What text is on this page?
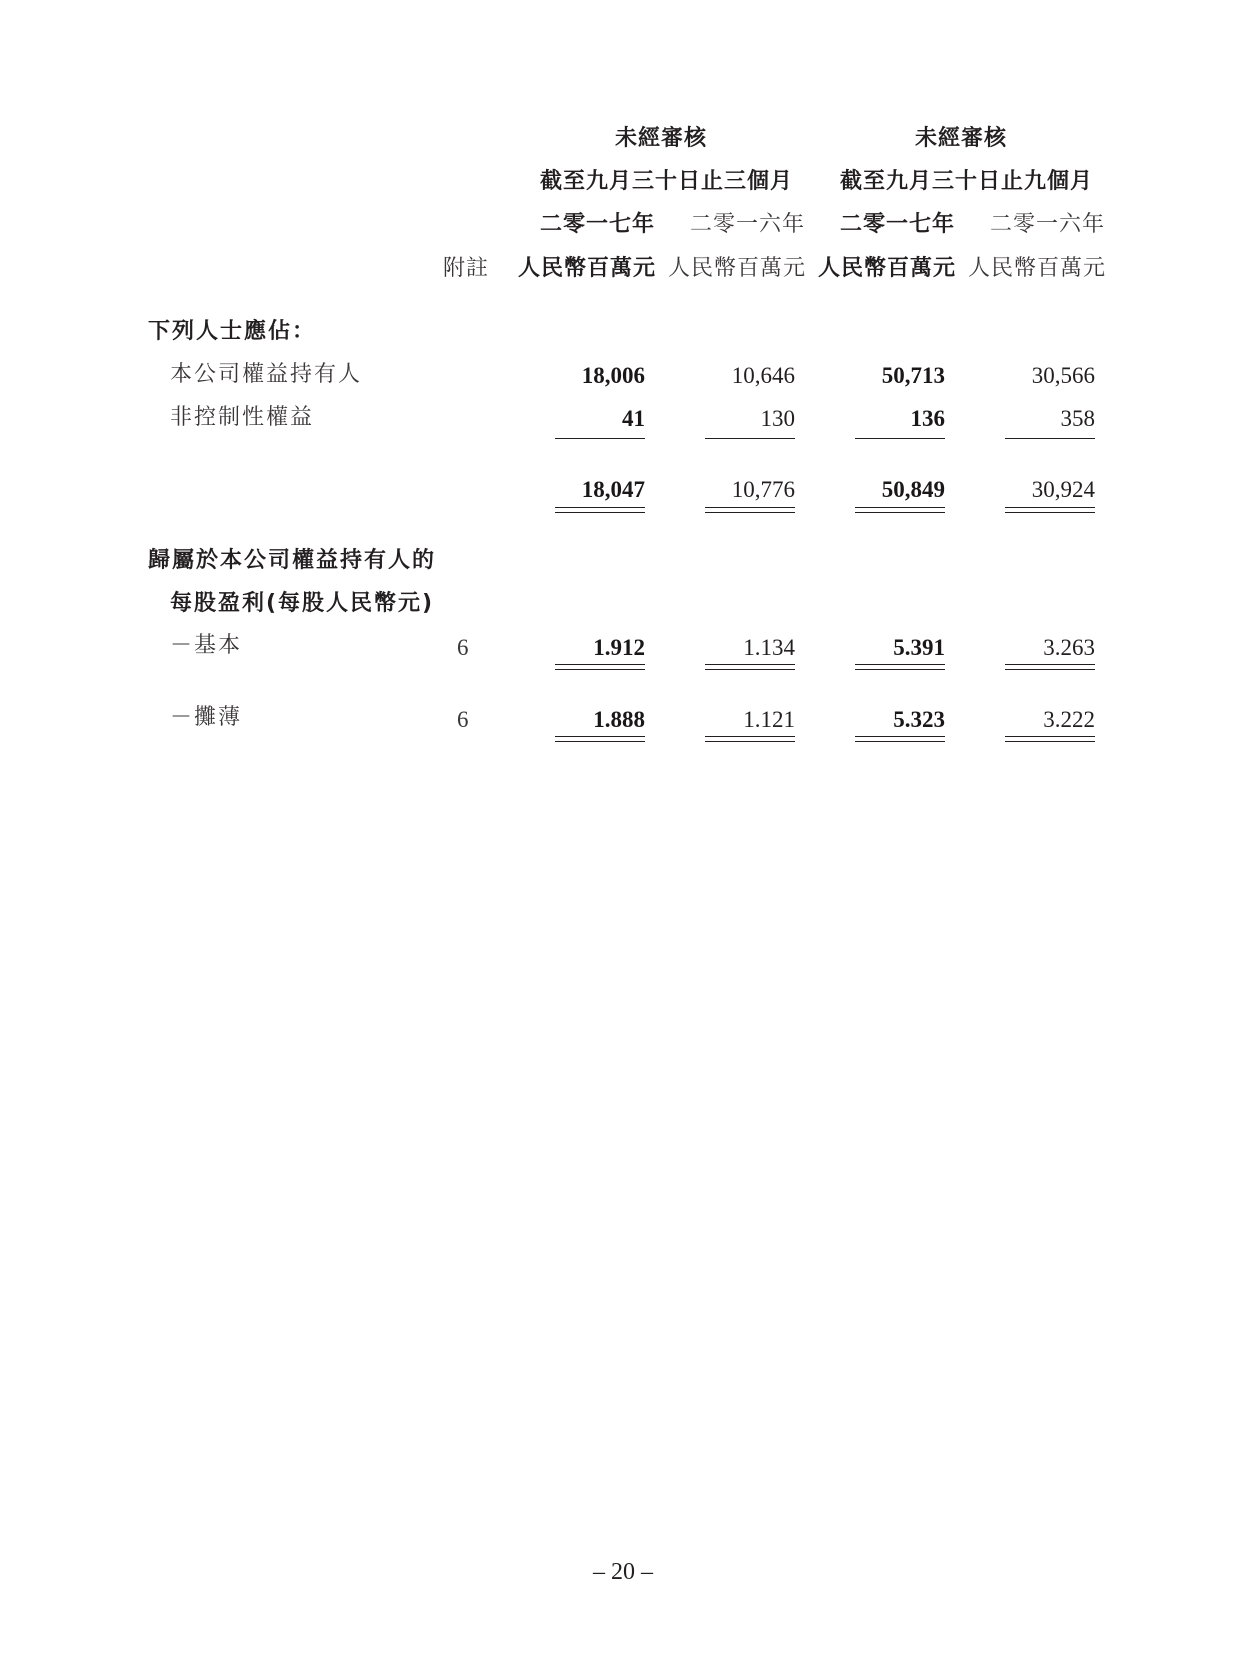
未經審核	未經審核
截至九月三十日止三個月 截至九月三十日止九個月
二零一七年 二零一六年 二零一七年 二零一六年
附註 人民幣百萬元 人民幣百萬元 人民幣百萬元 人民幣百萬元
下列人士應佔：
本公司權益持有人	18,006	10,646	50,713	30,566
非控制性權益	41	130	136	358
18,047	10,776	50,849	30,924
歸屬於本公司權益持有人的
每股盈利(每股人民幣元)
－基本	6	1.912	1.134	5.391	3.263
－攤薄	6	1.888	1.121	5.323	3.222
– 20 –
